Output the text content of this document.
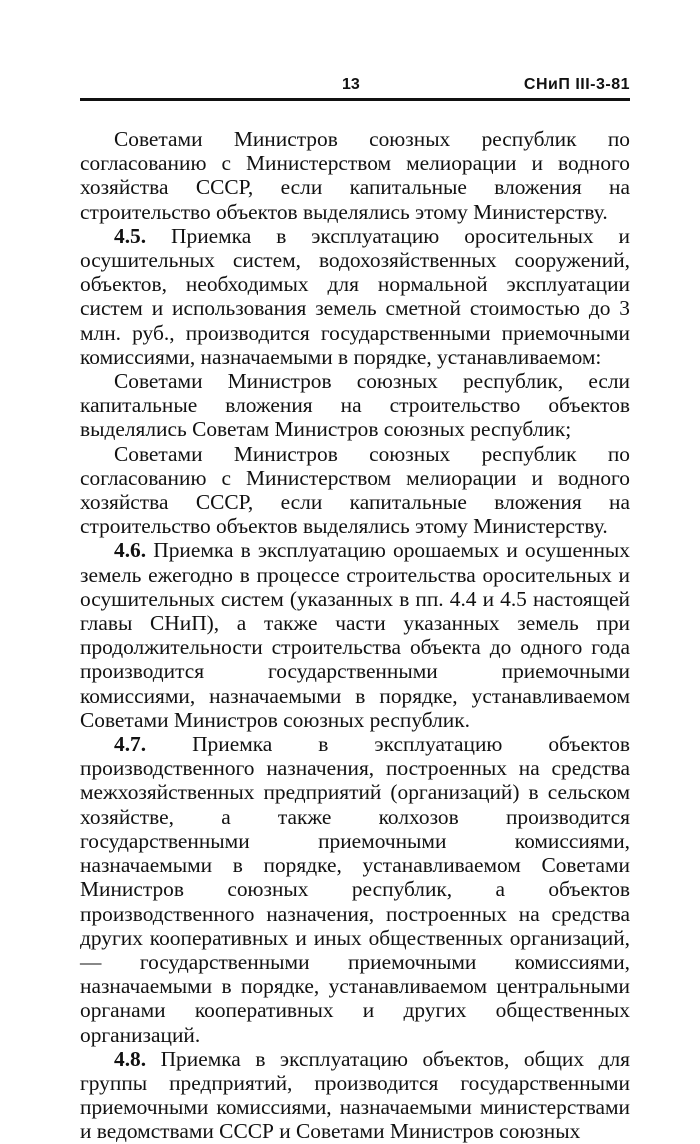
13	СНиП III-3-81

Советами Министров союзных республик по согласованию с Министерством мелиорации и водного хозяйства СССР, если капитальные вложения на строительство объектов выделялись этому Министерству.

4.5. Приемка в эксплуатацию оросительных и осушительных систем, водохозяйственных сооружений, объектов, необходимых для нормальной эксплуатации систем и использования земель сметной стоимостью до 3 млн. руб., производится государственными приемочными комиссиями, назначаемыми в порядке, устанавливаемом:

Советами Министров союзных республик, если капитальные вложения на строительство объектов выделялись Советам Министров союзных республик;

Советами Министров союзных республик по согласованию с Министерством мелиорации и водного хозяйства СССР, если капитальные вложения на строительство объектов выделялись этому Министерству.

4.6. Приемка в эксплуатацию орошаемых и осушенных земель ежегодно в процессе строительства оросительных и осушительных систем (указанных в пп. 4.4 и 4.5 настоящей главы СНиП), а также части указанных земель при продолжительности строительства объекта до одного года производится государственными приемочными комиссиями, назначаемыми в порядке, устанавливаемом Советами Министров союзных республик.

4.7. Приемка в эксплуатацию объектов производственного назначения, построенных на средства межхозяйственных предприятий (организаций) в сельском хозяйстве, а также колхозов производится государственными приемочными комиссиями, назначаемыми в порядке, устанавливаемом Советами Министров союзных республик, а объектов производственного назначения, построенных на средства других кооперативных и иных общественных организаций, — государственными приемочными комиссиями, назначаемыми в порядке, устанавливаемом центральными органами кооперативных и других общественных организаций.

4.8. Приемка в эксплуатацию объектов, общих для группы предприятий, производится государственными приемочными комиссиями, назначаемыми министерствами и ведомствами СССР и Советами Министров союзных
